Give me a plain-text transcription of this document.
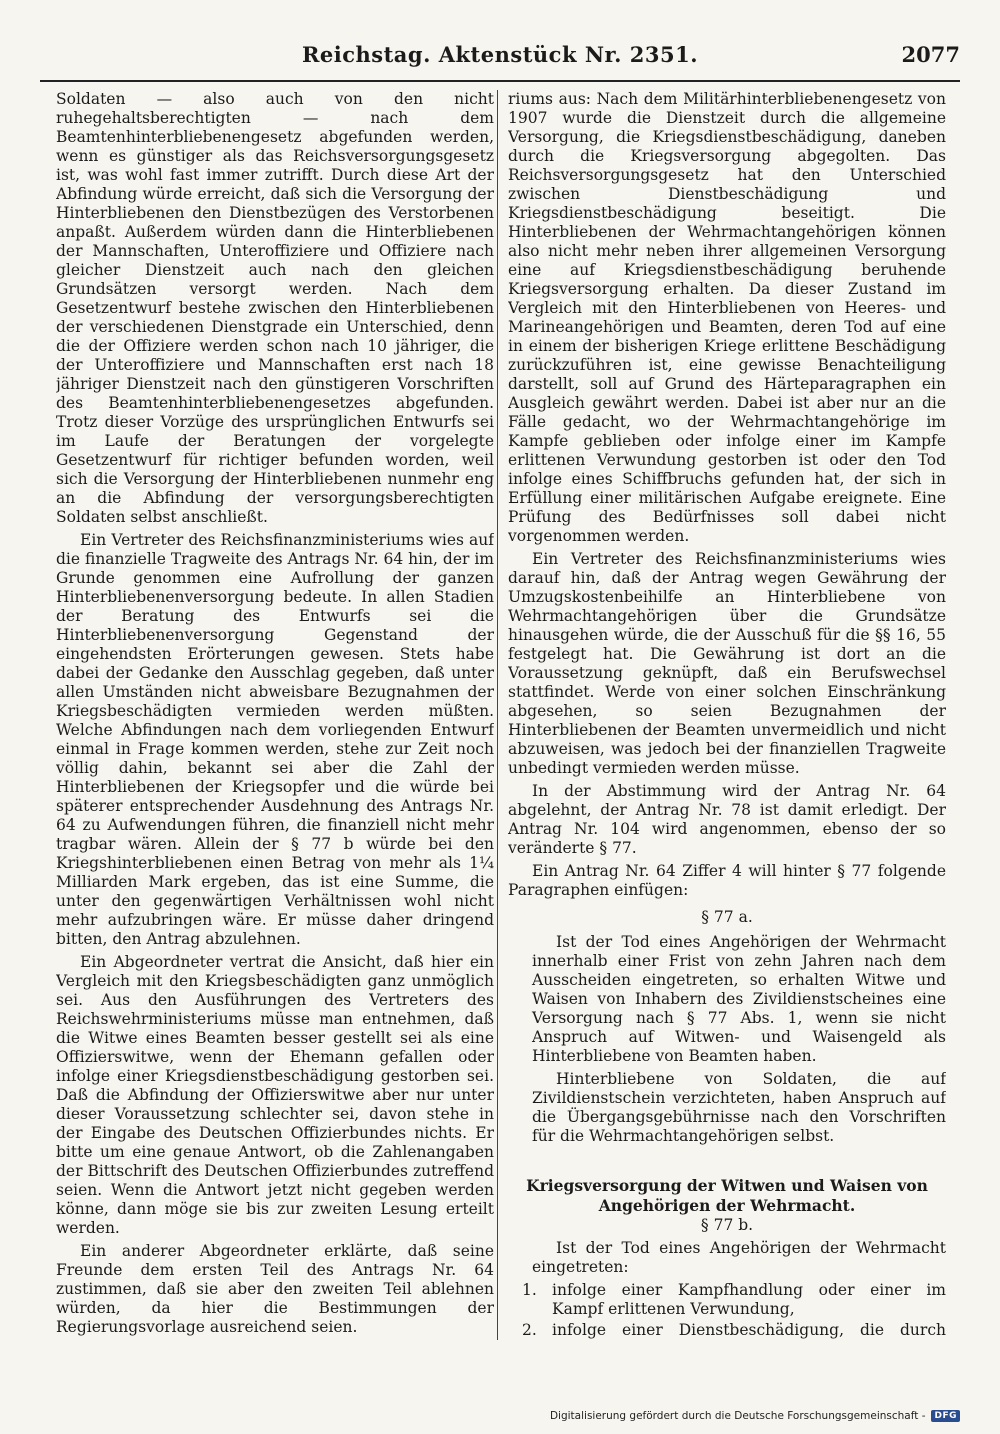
Reichstag. Aktenstück Nr. 2351.	2077

Soldaten — also auch von den nicht ruhegehaltsberechtigten — nach dem Beamtenhinterbliebenengesetz abgefunden werden, wenn es günstiger als das Reichsversorgungsgesetz ist, was wohl fast immer zutrifft. Durch diese Art der Abfindung würde erreicht, daß sich die Versorgung der Hinterbliebenen den Dienstbezügen des Verstorbenen anpaßt. Außerdem würden dann die Hinterbliebenen der Mannschaften, Unteroffiziere und Offiziere nach gleicher Dienstzeit auch nach den gleichen Grundsätzen versorgt werden. Nach dem Gesetzentwurf bestehe zwischen den Hinterbliebenen der verschiedenen Dienstgrade ein Unterschied, denn die der Offiziere werden schon nach 10 jähriger, die der Unteroffiziere und Mannschaften erst nach 18 jähriger Dienstzeit nach den günstigeren Vorschriften des Beamtenhinterbliebenengesetzes abgefunden. Trotz dieser Vorzüge des ursprünglichen Entwurfs sei im Laufe der Beratungen der vorgelegte Gesetzentwurf für richtiger befunden worden, weil sich die Versorgung der Hinterbliebenen nunmehr eng an die Abfindung der versorgungsberechtigten Soldaten selbst anschließt.

Ein Vertreter des Reichsfinanzministeriums wies auf die finanzielle Tragweite des Antrags Nr. 64 hin, der im Grunde genommen eine Aufrollung der ganzen Hinterbliebenenversorgung bedeute. In allen Stadien der Beratung des Entwurfs sei die Hinterbliebenenversorgung Gegenstand der eingehendsten Erörterungen gewesen. Stets habe dabei der Gedanke den Ausschlag gegeben, daß unter allen Umständen nicht abweisbare Bezugnahmen der Kriegsbeschädigten vermieden werden müßten. Welche Abfindungen nach dem vorliegenden Entwurf einmal in Frage kommen werden, stehe zur Zeit noch völlig dahin, bekannt sei aber die Zahl der Hinterbliebenen der Kriegsopfer und die würde bei späterer entsprechender Ausdehnung des Antrags Nr. 64 zu Aufwendungen führen, die finanziell nicht mehr tragbar wären. Allein der § 77 b würde bei den Kriegshinterbliebenen einen Betrag von mehr als 1¼ Milliarden Mark ergeben, das ist eine Summe, die unter den gegenwärtigen Verhältnissen wohl nicht mehr aufzubringen wäre. Er müsse daher dringend bitten, den Antrag abzulehnen.

Ein Abgeordneter vertrat die Ansicht, daß hier ein Vergleich mit den Kriegsbeschädigten ganz unmöglich sei. Aus den Ausführungen des Vertreters des Reichswehrministeriums müsse man entnehmen, daß die Witwe eines Beamten besser gestellt sei als eine Offizierswitwe, wenn der Ehemann gefallen oder infolge einer Kriegsdienstbeschädigung gestorben sei. Daß die Abfindung der Offizierswitwe aber nur unter dieser Voraussetzung schlechter sei, davon stehe in der Eingabe des Deutschen Offizierbundes nichts. Er bitte um eine genaue Antwort, ob die Zahlenangaben der Bittschrift des Deutschen Offizierbundes zutreffend seien. Wenn die Antwort jetzt nicht gegeben werden könne, dann möge sie bis zur zweiten Lesung erteilt werden.

Ein anderer Abgeordneter erklärte, daß seine Freunde dem ersten Teil des Antrags Nr. 64 zustimmen, daß sie aber den zweiten Teil ablehnen würden, da hier die Bestimmungen der Regierungsvorlage ausreichend seien.

riums aus: Nach dem Militärhinterbliebenengesetz von 1907 wurde die Dienstzeit durch die allgemeine Versorgung, die Kriegsdienstbeschädigung, daneben durch die Kriegsversorgung abgegolten. Das Reichsversorgungsgesetz hat den Unterschied zwischen Dienstbeschädigung und Kriegsdienstbeschädigung beseitigt. Die Hinterbliebenen der Wehrmachtangehörigen können also nicht mehr neben ihrer allgemeinen Versorgung eine auf Kriegsdienstbeschädigung beruhende Kriegsversorgung erhalten. Da dieser Zustand im Vergleich mit den Hinterbliebenen von Heeres- und Marineangehörigen und Beamten, deren Tod auf eine in einem der bisherigen Kriege erlittene Beschädigung zurückzuführen ist, eine gewisse Benachteiligung darstellt, soll auf Grund des Härteparagraphen ein Ausgleich gewährt werden. Dabei ist aber nur an die Fälle gedacht, wo der Wehrmachtangehörige im Kampfe geblieben oder infolge einer im Kampfe erlittenen Verwundung gestorben ist oder den Tod infolge eines Schiffbruchs gefunden hat, der sich in Erfüllung einer militärischen Aufgabe ereignete. Eine Prüfung des Bedürfnisses soll dabei nicht vorgenommen werden.

Ein Vertreter des Reichsfinanzministeriums wies darauf hin, daß der Antrag wegen Gewährung der Umzugskostenbeihilfe an Hinterbliebene von Wehrmachtangehörigen über die Grundsätze hinausgehen würde, die der Ausschuß für die §§ 16, 55 festgelegt hat. Die Gewährung ist dort an die Voraussetzung geknüpft, daß ein Berufswechsel stattfindet. Werde von einer solchen Einschränkung abgesehen, so seien Bezugnahmen der Hinterbliebenen der Beamten unvermeidlich und nicht abzuweisen, was jedoch bei der finanziellen Tragweite unbedingt vermieden werden müsse.

In der Abstimmung wird der Antrag Nr. 64 abgelehnt, der Antrag Nr. 78 ist damit erledigt. Der Antrag Nr. 104 wird angenommen, ebenso der so veränderte § 77.

Ein Antrag Nr. 64 Ziffer 4 will hinter § 77 folgende Paragraphen einfügen:

§ 77 a.

Ist der Tod eines Angehörigen der Wehrmacht innerhalb einer Frist von zehn Jahren nach dem Ausscheiden eingetreten, so erhalten Witwe und Waisen von Inhabern des Zivildienstscheines eine Versorgung nach § 77 Abs. 1, wenn sie nicht Anspruch auf Witwen- und Waisengeld als Hinterbliebene von Beamten haben.

Hinterbliebene von Soldaten, die auf Zivildienstschein verzichteten, haben Anspruch auf die Übergangsgebührnisse nach den Vorschriften für die Wehrmachtangehörigen selbst.

Kriegsversorgung der Witwen und Waisen von Angehörigen der Wehrmacht.

§ 77 b.

Ist der Tod eines Angehörigen der Wehrmacht eingetreten:

1. infolge einer Kampfhandlung oder einer im Kampf erlittenen Verwundung,
2. infolge einer Dienstbeschädigung, die durch
Digitalisierung gefördert durch die Deutsche Forschungsgemeinschaft -	DFG
